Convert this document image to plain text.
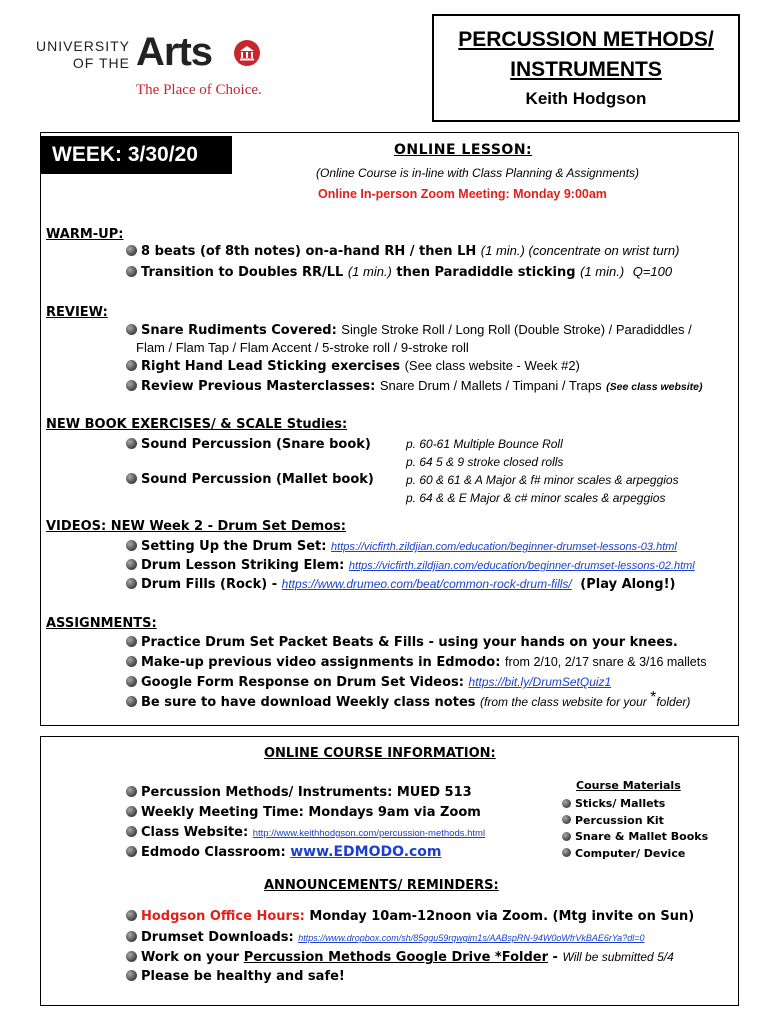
UNIVERSITY
OF THE Arts
The Place of Choice.
PERCUSSION METHODS/
INSTRUMENTS
Keith Hodgson
WEEK: 3/30/20	ONLINE LESSON:
(Online Course is in-line with Class Planning & Assignments)
Online In-person Zoom Meeting: Monday 9:00am
WARM-UP:
8 beats (of 8th notes) on-a-hand RH / then LH (1 min.) (concentrate on wrist turn)
Transition to Doubles RR/LL (1 min.) then Paradiddle sticking (1 min.) Q=100
REVIEW:
Snare Rudiments Covered: Single Stroke Roll / Long Roll (Double Stroke) / Paradiddles /
Flam / Flam Tap / Flam Accent / 5-stroke roll / 9-stroke roll
Right Hand Lead Sticking exercises (See class website - Week #2)
Review Previous Masterclasses: Snare Drum / Mallets / Timpani / Traps (See class website)
NEW BOOK EXERCISES/ & SCALE Studies:
Sound Percussion (Snare book)	p. 60-61 Multiple Bounce Roll
p. 64 5 & 9 stroke closed rolls
Sound Percussion (Mallet book)	p. 60 & 61 & A Major & f# minor scales & arpeggios
p. 64 & & E Major & c# minor scales & arpeggios
VIDEOS: NEW Week 2 - Drum Set Demos:
Setting Up the Drum Set: https://vicfirth.zildjian.com/education/beginner-drumset-lessons-03.html
Drum Lesson Striking Elem: https://vicfirth.zildjian.com/education/beginner-drumset-lessons-02.html
Drum Fills (Rock) - https://www.drumeo.com/beat/common-rock-drum-fills/ (Play Along!)
ASSIGNMENTS:
Practice Drum Set Packet Beats & Fills - using your hands on your knees.
Make-up previous video assignments in Edmodo: from 2/10, 2/17 snare & 3/16 mallets
Google Form Response on Drum Set Videos: https://bit.ly/DrumSetQuiz1
Be sure to have download Weekly class notes (from the class website for your *folder)
ONLINE COURSE INFORMATION:
Percussion Methods/ Instruments: MUED 513
Weekly Meeting Time: Mondays 9am via Zoom
Class Website: http://www.keithhodgson.com/percussion-methods.html
Edmodo Classroom: www.EDMODO.com
Course Materials
Sticks/ Mallets
Percussion Kit
Snare & Mallet Books
Computer/ Device
ANNOUNCEMENTS/ REMINDERS:
Hodgson Office Hours: Monday 10am-12noon via Zoom. (Mtg invite on Sun)
Drumset Downloads: https://www.dropbox.com/sh/85ggu59rqwgim1s/AABspRN-94W0oWfrVkBAE6rYa?dl=0
Work on your Percussion Methods Google Drive *Folder - Will be submitted 5/4
Please be healthy and safe!
